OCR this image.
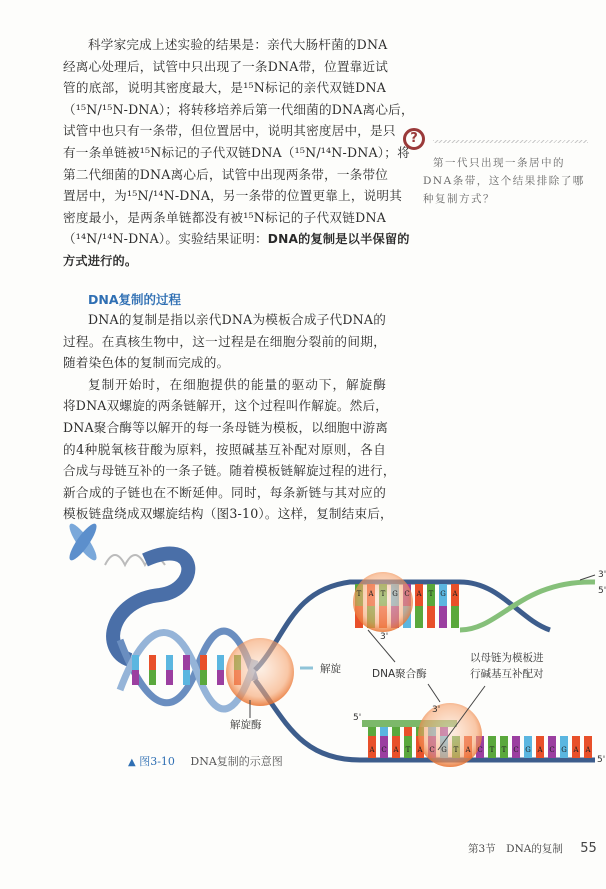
科学家完成上述实验的结果是：亲代大肠杆菌的DNA
经离心处理后，试管中只出现了一条DNA带，位置靠近试
管的底部，说明其密度最大，是¹⁵N标记的亲代双链DNA
（¹⁵N/¹⁵N-DNA）；将转移培养后第一代细菌的DNA离心后，
试管中也只有一条带，但位置居中，说明其密度居中，是只
有一条单链被¹⁵N标记的子代双链DNA（¹⁵N/¹⁴N-DNA）；将
第二代细菌的DNA离心后，试管中出现两条带，一条带位
置居中，为¹⁵N/¹⁴N-DNA，另一条带的位置更靠上，说明其
密度最小，是两条单链都没有被¹⁵N标记的子代双链DNA
（¹⁴N/¹⁴N-DNA）。实验结果证明：DNA的复制是以半保留的
方式进行的。
?
第一代只出现一条居中的
DNA条带，这个结果排除了哪
种复制方式？
DNA复制的过程
DNA的复制是指以亲代DNA为模板合成子代DNA的
过程。在真核生物中，这一过程是在细胞分裂前的间期，
随着染色体的复制而完成的。
复制开始时，在细胞提供的能量的驱动下，解旋酶
将DNA双螺旋的两条链解开，这个过程叫作解旋。然后，
DNA聚合酶等以解开的每一条母链为模板，以细胞中游离
的4种脱氧核苷酸为原料，按照碱基互补配对原则，各自
合成与母链互补的一条子链。随着模板链解旋过程的进行，
新合成的子链也在不断延伸。同时，每条新链与其对应的
模板链盘绕成双螺旋结构（图3-10）。这样，复制结束后，
T A T G C A T G A
A C A T A C G T A C T T C G A C G A A
解旋
解旋酶
DNA聚合酶
以母链为模板进
行碱基互补配对
3'
5'
3'
5'
3'
5'
▲ 图3-10 DNA复制的示意图
第3节　DNA的复制 55
